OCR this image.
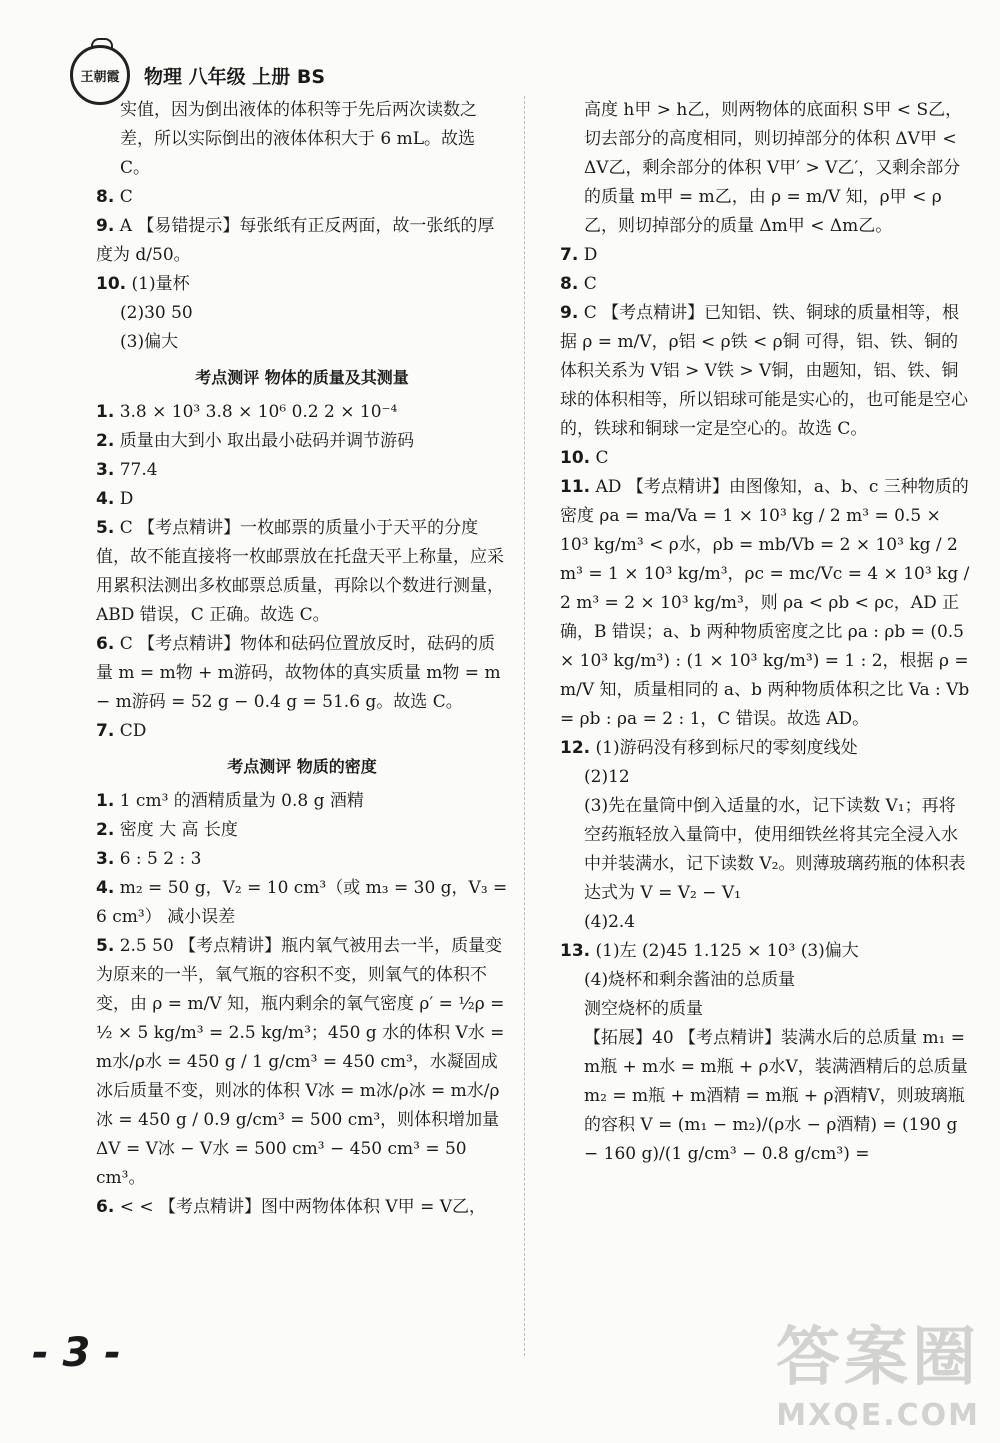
王朝霞 物理 八年级 上册 BS
实值，因为倒出液体的体积等于先后两次读数之差，所以实际倒出的液体体积大于 6 mL。故选 C。
8. C
9. A 【易错提示】每张纸有正反两面，故一张纸的厚度为 d/50。
10. (1)量杯
(2)30 50
(3)偏大
考点测评 物体的质量及其测量
1. 3.8 × 10³ 3.8 × 10⁶ 0.2 2 × 10⁻⁴
2. 质量由大到小 取出最小砝码并调节游码
3. 77.4
4. D
5. C 【考点精讲】一枚邮票的质量小于天平的分度值，故不能直接将一枚邮票放在托盘天平上称量，应采用累积法测出多枚邮票总质量，再除以个数进行测量，ABD 错误，C 正确。故选 C。
6. C 【考点精讲】物体和砝码位置放反时，砝码的质量 m = m物 + m游码，故物体的真实质量 m物 = m − m游码 = 52 g − 0.4 g = 51.6 g。故选 C。
7. CD
考点测评 物质的密度
1. 1 cm³ 的酒精质量为 0.8 g 酒精
2. 密度 大 高 长度
3. 6 : 5 2 : 3
4. m₂ = 50 g，V₂ = 10 cm³（或 m₃ = 30 g，V₃ = 6 cm³） 减小误差
5. 2.5 50 【考点精讲】瓶内氧气被用去一半，质量变为原来的一半，氧气瓶的容积不变，则氧气的体积不变，由 ρ = m/V 知，瓶内剩余的氧气密度 ρ′ = ½ρ = ½ × 5 kg/m³ = 2.5 kg/m³；450 g 水的体积 V水 = m水/ρ水 = 450 g / 1 g/cm³ = 450 cm³，水凝固成冰后质量不变，则冰的体积 V冰 = m冰/ρ冰 = m水/ρ冰 = 450 g / 0.9 g/cm³ = 500 cm³，则体积增加量 ΔV = V冰 − V水 = 500 cm³ − 450 cm³ = 50 cm³。
6. < < 【考点精讲】图中两物体体积 V甲 = V乙，
高度 h甲 > h乙，则两物体的底面积 S甲 < S乙，切去部分的高度相同，则切掉部分的体积 ΔV甲 < ΔV乙，剩余部分的体积 V甲′ > V乙′，又剩余部分的质量 m甲 = m乙，由 ρ = m/V 知，ρ甲 < ρ乙，则切掉部分的质量 Δm甲 < Δm乙。
7. D
8. C
9. C 【考点精讲】已知铝、铁、铜球的质量相等，根据 ρ = m/V，ρ铝 < ρ铁 < ρ铜 可得，铝、铁、铜的体积关系为 V铝 > V铁 > V铜，由题知，铝、铁、铜球的体积相等，所以铝球可能是实心的，也可能是空心的，铁球和铜球一定是空心的。故选 C。
10. C
11. AD 【考点精讲】由图像知，a、b、c 三种物质的密度 ρa = ma/Va = 1 × 10³ kg / 2 m³ = 0.5 × 10³ kg/m³ < ρ水，ρb = mb/Vb = 2 × 10³ kg / 2 m³ = 1 × 10³ kg/m³，ρc = mc/Vc = 4 × 10³ kg / 2 m³ = 2 × 10³ kg/m³，则 ρa < ρb < ρc，AD 正确，B 错误；a、b 两种物质密度之比 ρa : ρb = (0.5 × 10³ kg/m³) : (1 × 10³ kg/m³) = 1 : 2，根据 ρ = m/V 知，质量相同的 a、b 两种物质体积之比 Va : Vb = ρb : ρa = 2 : 1，C 错误。故选 AD。
12. (1)游码没有移到标尺的零刻度线处
(2)12
(3)先在量筒中倒入适量的水，记下读数 V₁；再将空药瓶轻放入量筒中，使用细铁丝将其完全浸入水中并装满水，记下读数 V₂。则薄玻璃药瓶的体积表达式为 V = V₂ − V₁
(4)2.4
13. (1)左 (2)45 1.125 × 10³ (3)偏大
(4)烧杯和剩余酱油的总质量
测空烧杯的质量
【拓展】40 【考点精讲】装满水后的总质量 m₁ = m瓶 + m水 = m瓶 + ρ水V，装满酒精后的总质量 m₂ = m瓶 + m酒精 = m瓶 + ρ酒精V，则玻璃瓶的容积 V = (m₁ − m₂)/(ρ水 − ρ酒精) = (190 g − 160 g)/(1 g/cm³ − 0.8 g/cm³) =
- 3 -	答案圈
MXQE.COM
